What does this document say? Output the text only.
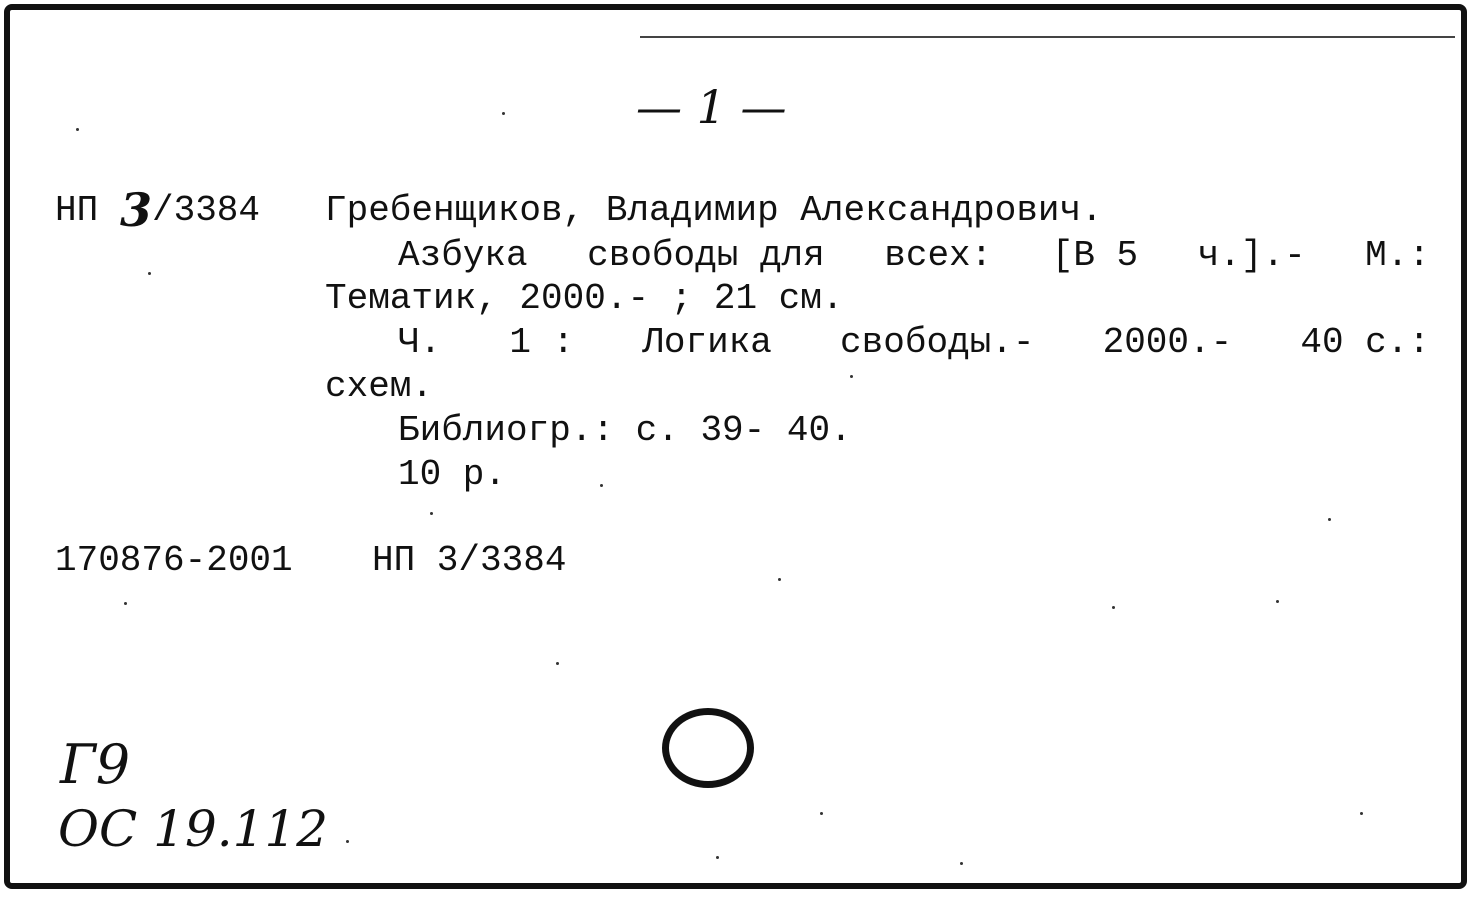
— 1 —
НП 3 /3384 Гребенщиков, Владимир Александрович.
Азбука свободы для всех: [В 5 ч.].- М.:
Тематик, 2000.- ; 21 см.
Ч. 1 : Логика свободы.- 2000.- 40 с.:
схем.
Библиогр.: с. 39- 40.
10 р.
170876-2001 НП 3/3384
Г9
ОС 19.112
